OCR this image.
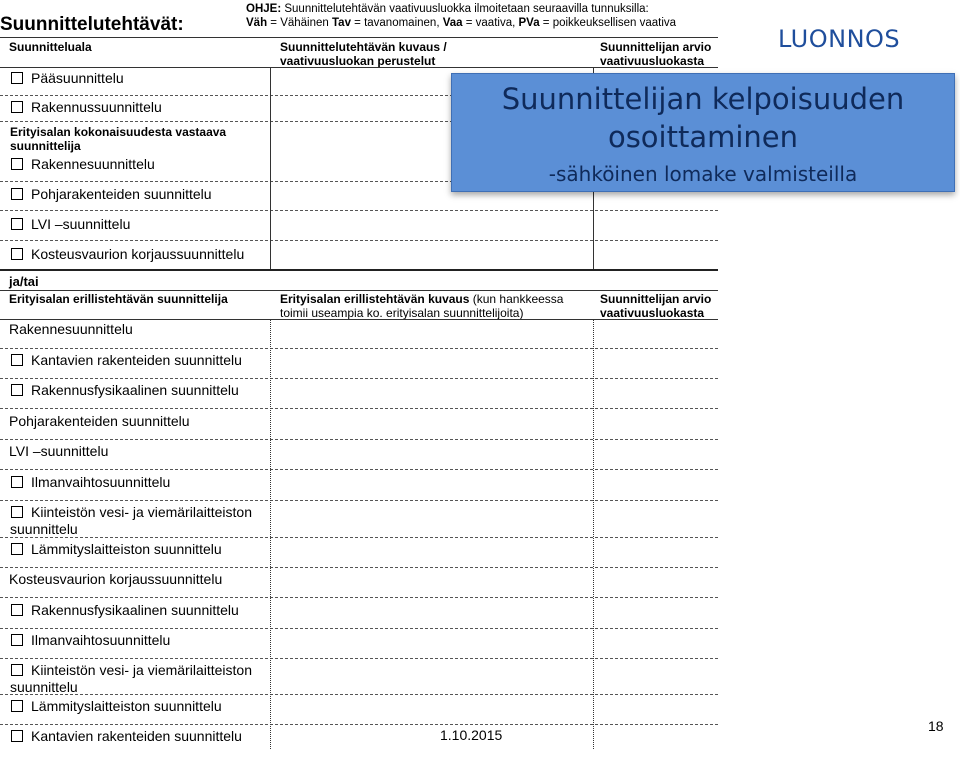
Suunnittelutehtävät:
OHJE: Suunnittelutehtävän vaativuusluokka ilmoitetaan seuraavilla tunnuksilla:
Väh = Vähäinen Tav = tavanomainen, Vaa = vaativa, PVa = poikkeuksellisen vaativa
LUONNOS
Suunnitteluala	Suunnittelutehtävän kuvaus /
vaativuusluokan perustelut
Suunnittelijan arvio
vaativuusluokasta
Pääsuunnittelu
Rakennussuunnittelu
Erityisalan kokonaisuudesta vastaava suunnittelija
Rakennesuunnittelu
Pohjarakenteiden suunnittelu
LVI –suunnittelu
Kosteusvaurion korjaussuunnittelu
ja/tai
Erityisalan erillistehtävän suunnittelija	Erityisalan erillistehtävän kuvaus (kun hankkeessa toimii useampia ko. erityisalan suunnittelijoita)
Suunnittelijan arvio
vaativuusluokasta
Rakennesuunnittelu
Kantavien rakenteiden suunnittelu
Rakennusfysikaalinen suunnittelu
Pohjarakenteiden suunnittelu
LVI –suunnittelu
Ilmanvaihtosuunnittelu
Kiinteistön vesi- ja viemärilaitteiston suunnittelu
Lämmityslaitteiston suunnittelu
Kosteusvaurion korjaussuunnittelu
Rakennusfysikaalinen suunnittelu
Ilmanvaihtosuunnittelu
Kiinteistön vesi- ja viemärilaitteiston suunnittelu
Lämmityslaitteiston suunnittelu
Kantavien rakenteiden suunnittelu
Suunnittelijan kelpoisuuden
osoittaminen
-sähköinen lomake valmisteilla
1.10.2015
18
